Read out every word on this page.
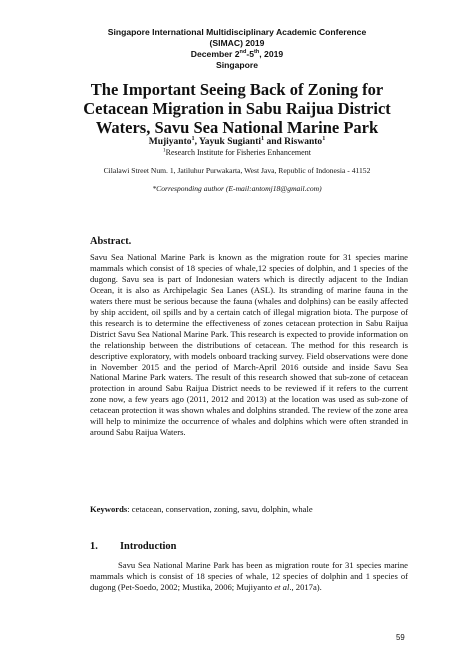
Singapore International Multidisciplinary Academic Conference
(SIMAC) 2019
December 2nd-5th, 2019
Singapore
The Important Seeing Back of Zoning for Cetacean Migration in Sabu Raijua District Waters, Savu Sea National Marine Park
Mujiyanto$^1$, Yayuk Sugianti$^1$ and Riswanto$^1$
$^1$Research Institute for Fisheries Enhancement
Cilalawi Street Num. 1, Jatiluhur Purwakarta, West Java, Republic of Indonesia - 41152
*Corresponding author (E-mail:antomj18@gmail.com)
Abstract.

Savu Sea National Marine Park is known as the migration route for 31 species marine mammals which consist of 18 species of whale,12 species of dolphin, and 1 species of the dugong. Savu sea is part of Indonesian waters which is directly adjacent to the Indian Ocean, it is also as Archipelagic Sea Lanes (ASL). Its stranding of marine fauna in the waters there must be serious because the fauna (whales and dolphins) can be easily affected by ship accident, oil spills and by a certain catch of illegal migration biota. The purpose of this research is to determine the effectiveness of zones cetacean protection in Sabu Raijua District Savu Sea National Marine Park. This research is expected to provide information on the relationship between the distributions of cetacean. The method for this research is descriptive exploratory, with models onboard tracking survey. Field observations were done in November 2015 and the period of March-April 2016 outside and inside Savu Sea National Marine Park waters. The result of this research showed that sub-zone of cetacean protection in around Sabu Raijua District needs to be reviewed if it refers to the current zone now, a few years ago (2011, 2012 and 2013) at the location was used as sub-zone of cetacean protection it was shown whales and dolphins stranded. The review of the zone area will help to minimize the occurrence of whales and dolphins which were often stranded in around Sabu Raijua Waters.

Keywords: cetacean, conservation, zoning, savu, dolphin, whale
1. Introduction

Savu Sea National Marine Park has been as migration route for 31 species marine mammals which is consist of 18 species of whale, 12 species of dolphin and 1 species of dugong (Pet-Soedo, 2002; Mustika, 2006; Mujiyanto et al., 2017a).

59
